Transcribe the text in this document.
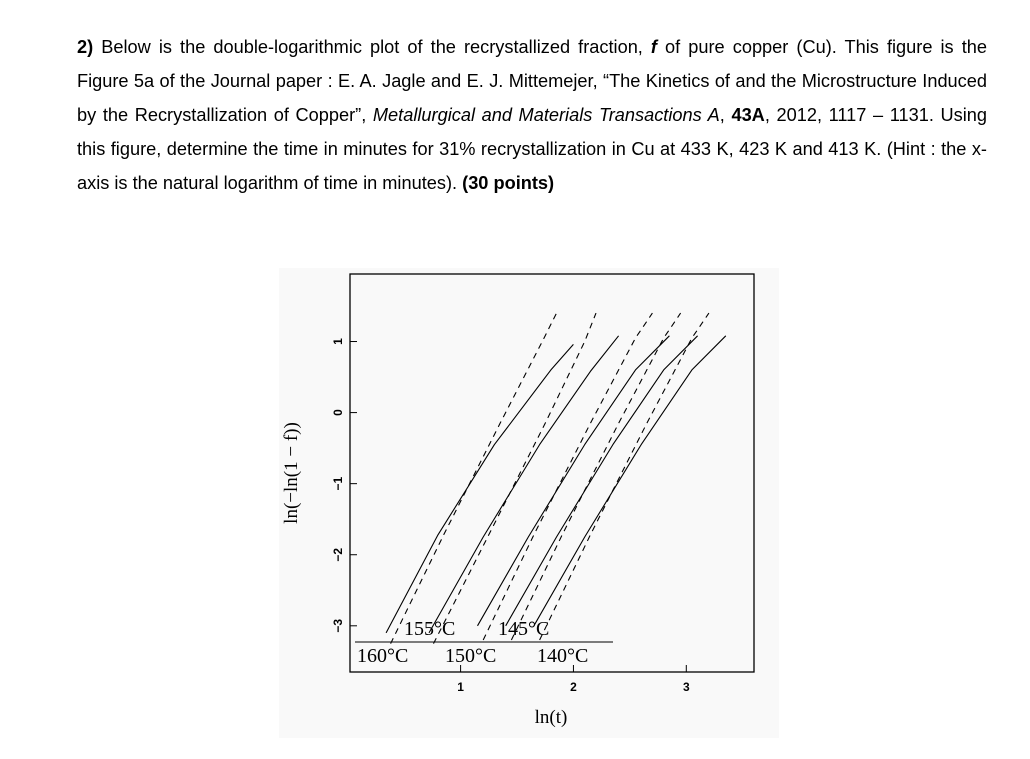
2) Below is the double-logarithmic plot of the recrystallized fraction, f of pure copper (Cu). This figure is the Figure 5a of the Journal paper : E. A. Jagle and E. J. Mittemejer, “The Kinetics of and the Microstructure Induced by the Recrystallization of Copper”, Metallurgical and Materials Transactions A, 43A, 2012, 1117 – 1131. Using this figure, determine the time in minutes for 31% recrystallization in Cu at 433 K, 423 K and 413 K. (Hint : the x-axis is the natural logarithm of time in minutes). (30 points)
1	2	3
−3
−2
−1
0
1
155°C 145°C
160°C 150°C 140°C
ln(t)
ln(−ln(1 − f))
